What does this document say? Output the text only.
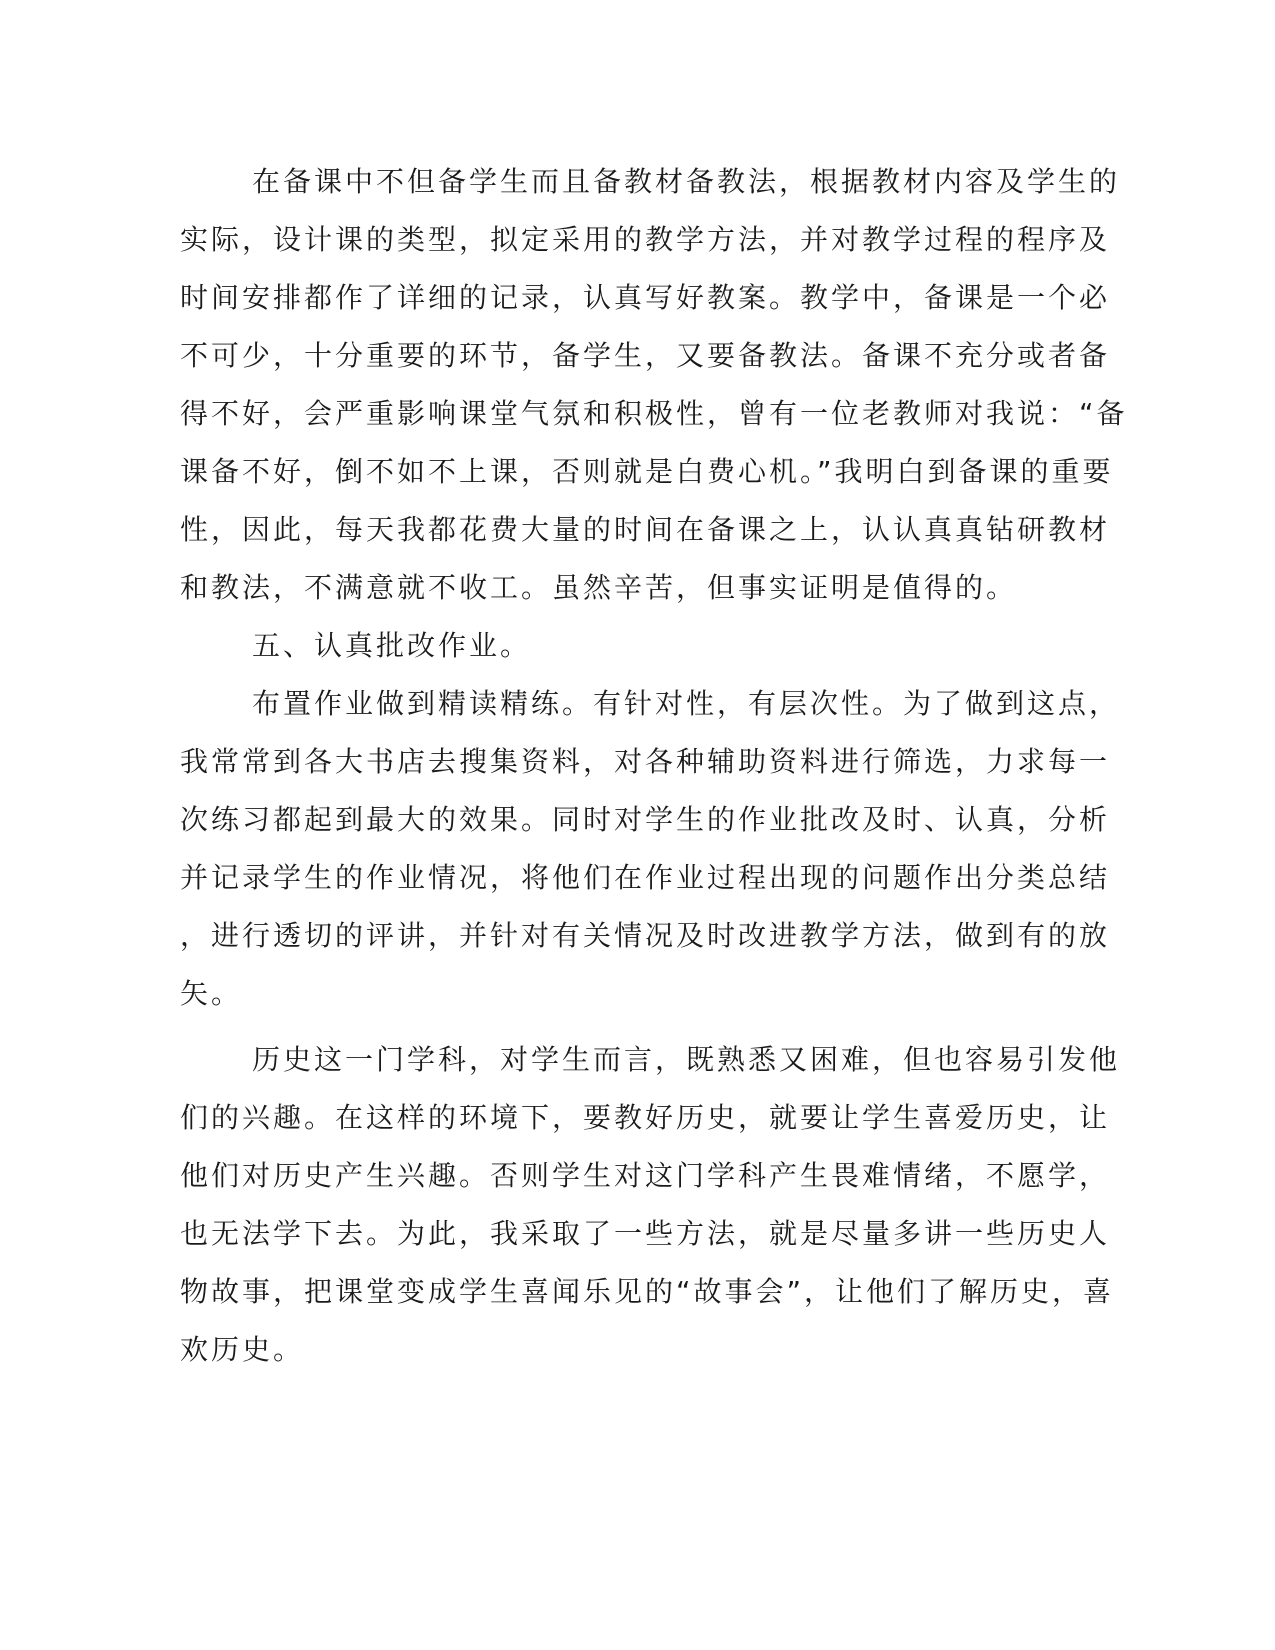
在备课中不但备学生而且备教材备教法，根据教材内容及学生的
实际，设计课的类型，拟定采用的教学方法，并对教学过程的程序及
时间安排都作了详细的记录，认真写好教案。教学中，备课是一个必
不可少，十分重要的环节，备学生，又要备教法。备课不充分或者备
得不好，会严重影响课堂气氛和积极性，曾有一位老教师对我说：“备
课备不好，倒不如不上课，否则就是白费心机。”我明白到备课的重要
性，因此，每天我都花费大量的时间在备课之上，认认真真钻研教材
和教法，不满意就不收工。虽然辛苦，但事实证明是值得的。
五、认真批改作业。
布置作业做到精读精练。有针对性，有层次性。为了做到这点，
我常常到各大书店去搜集资料，对各种辅助资料进行筛选，力求每一
次练习都起到最大的效果。同时对学生的作业批改及时、认真，分析
并记录学生的作业情况，将他们在作业过程出现的问题作出分类总结
，进行透切的评讲，并针对有关情况及时改进教学方法，做到有的放
矢。
历史这一门学科，对学生而言，既熟悉又困难，但也容易引发他
们的兴趣。在这样的环境下，要教好历史，就要让学生喜爱历史，让
他们对历史产生兴趣。否则学生对这门学科产生畏难情绪，不愿学，
也无法学下去。为此，我采取了一些方法，就是尽量多讲一些历史人
物故事，把课堂变成学生喜闻乐见的“故事会”，让他们了解历史，喜
欢历史。
